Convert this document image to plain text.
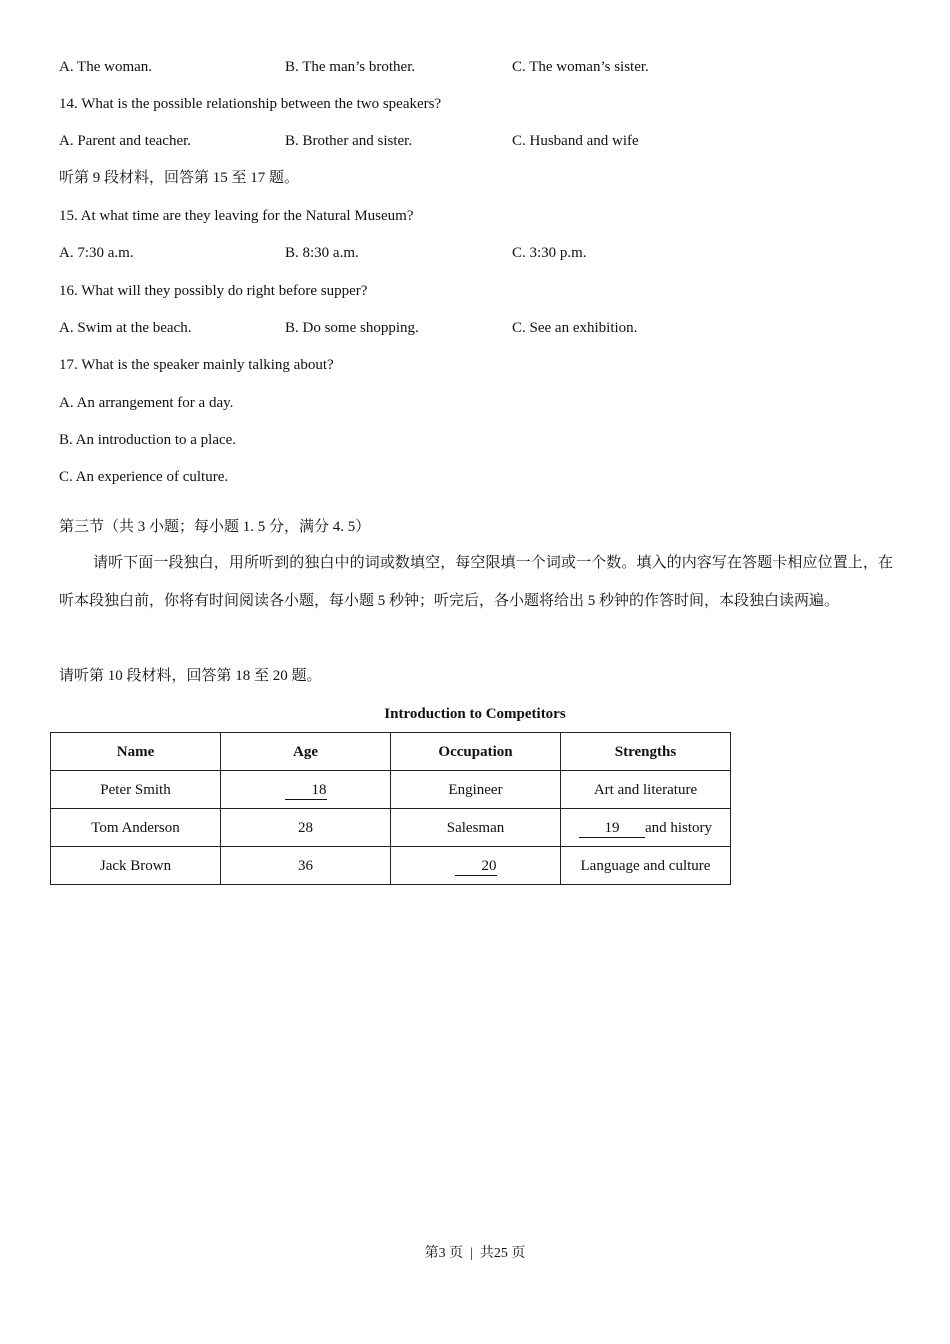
A. The woman.	B. The man’s brother.	C. The woman’s sister.
14. What is the possible relationship between the two speakers?
A. Parent and teacher.	B. Brother and sister.	C. Husband and wife
听第 9 段材料，回答第 15 至 17 题。
15. At what time are they leaving for the Natural Museum?
A. 7:30 a.m.	B. 8:30 a.m.	C. 3:30 p.m.
16. What will they possibly do right before supper?
A. Swim at the beach.	B. Do some shopping.	C. See an exhibition.
17. What is the speaker mainly talking about?
A. An arrangement for a day.
B. An introduction to a place.
C. An experience of culture.
第三节（共 3 小题；每小题 1. 5 分，满分 4. 5）
请听下面一段独白，用所听到的独白中的词或数填空，每空限填一个词或一个数。填入的内容写在答题卡相应位置上，在听本段独白前，你将有时间阅读各小题，每小题 5 秒钟；听完后，各小题将给出 5 秒钟的作答时间，本段独白读两遍。
请听第 10 段材料，回答第 18 至 20 题。
Introduction to Competitors
Name	Age	Occupation	Strengths
Peter Smith	18	Engineer	Art and literature
Tom Anderson	28	Salesman	19 and history
Jack Brown	36	20	Language and culture
第3 页  |  共25 页
